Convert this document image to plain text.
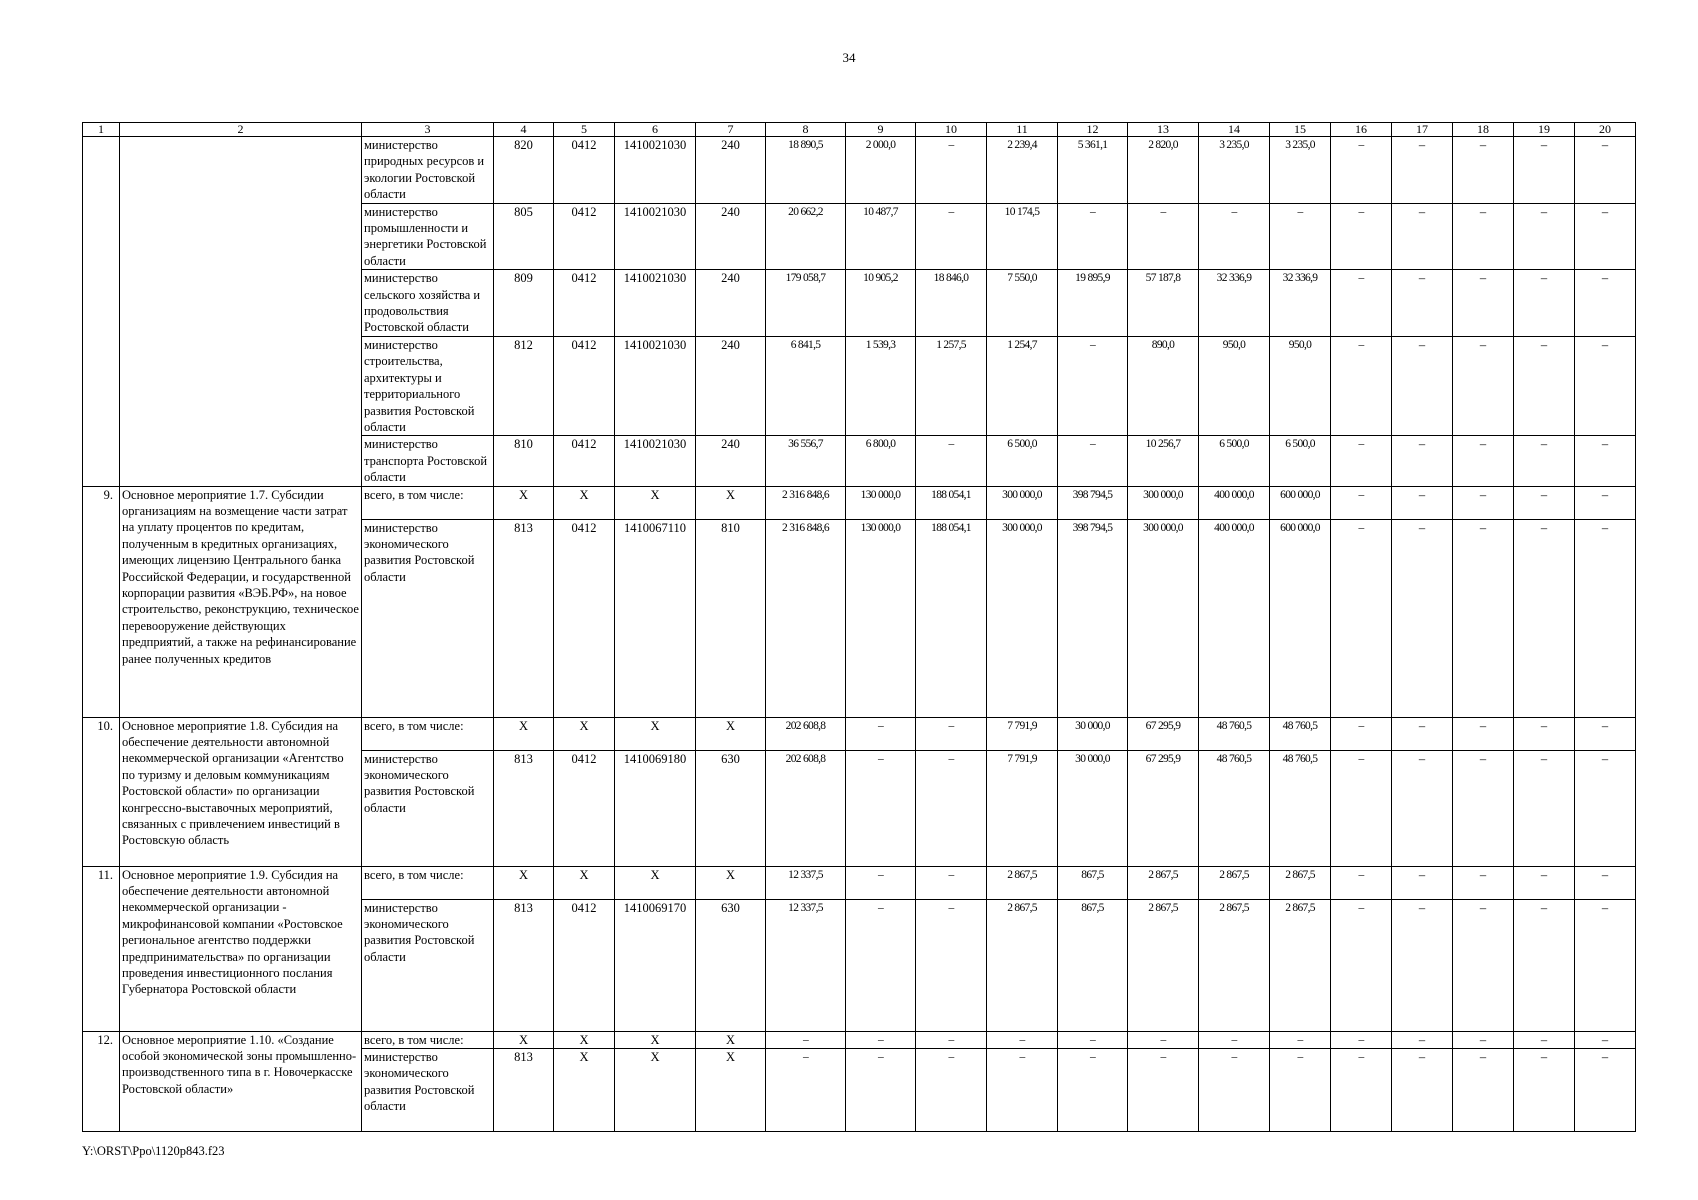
34
1	2	3	4	5	6	7	8	9	10	11	12	13	14	15	16	17	18	19	20
		министерство природных ресурсов и экологии Ростовской области	820	0412	1410021030	240	18 890,5	2 000,0	–	2 239,4	5 361,1	2 820,0	3 235,0	3 235,0	–	–	–	–	–
		министерство промышленности и энергетики Ростовской области	805	0412	1410021030	240	20 662,2	10 487,7	–	10 174,5	–	–	–	–	–	–	–	–	–
		министерство сельского хозяйства и продовольствия Ростовской области	809	0412	1410021030	240	179 058,7	10 905,2	18 846,0	7 550,0	19 895,9	57 187,8	32 336,9	32 336,9	–	–	–	–	–
		министерство строительства, архитектуры и территориального развития Ростовской области	812	0412	1410021030	240	6 841,5	1 539,3	1 257,5	1 254,7	–	890,0	950,0	950,0	–	–	–	–	–
		министерство транспорта Ростовской области	810	0412	1410021030	240	36 556,7	6 800,0	–	6 500,0	–	10 256,7	6 500,0	6 500,0	–	–	–	–	–
9.	Основное мероприятие 1.7. Субсидии организациям на возмещение части затрат на уплату процентов по кредитам, полученным в кредитных организациях, имеющих лицензию Центрального банка Российской Федерации, и государственной корпорации развития «ВЭБ.РФ», на новое строительство, реконструкцию, техническое перевооружение действующих предприятий, а также на рефинансирование ранее полученных кредитов	всего, в том числе:	X	X	X	X	2 316 848,6	130 000,0	188 054,1	300 000,0	398 794,5	300 000,0	400 000,0	600 000,0	–	–	–	–	–
		министерство экономического развития Ростовской области	813	0412	1410067110	810	2 316 848,6	130 000,0	188 054,1	300 000,0	398 794,5	300 000,0	400 000,0	600 000,0	–	–	–	–	–
10.	Основное мероприятие 1.8. Субсидия на обеспечение деятельности автономной некоммерческой организации «Агентство по туризму и деловым коммуникациям Ростовской области» по организации конгрессно-выставочных мероприятий, связанных с привлечением инвестиций в Ростовскую область	всего, в том числе:	X	X	X	X	202 608,8	–	–	7 791,9	30 000,0	67 295,9	48 760,5	48 760,5	–	–	–	–	–
		министерство экономического развития Ростовской области	813	0412	1410069180	630	202 608,8	–	–	7 791,9	30 000,0	67 295,9	48 760,5	48 760,5	–	–	–	–	–
11.	Основное мероприятие 1.9. Субсидия на обеспечение деятельности автономной некоммерческой организации - микрофинансовой компании «Ростовское региональное агентство поддержки предпринимательства» по организации проведения инвестиционного послания Губернатора Ростовской области	всего, в том числе:	X	X	X	X	12 337,5	–	–	2 867,5	867,5	2 867,5	2 867,5	2 867,5	–	–	–	–	–
		министерство экономического развития Ростовской области	813	0412	1410069170	630	12 337,5	–	–	2 867,5	867,5	2 867,5	2 867,5	2 867,5	–	–	–	–	–
12.	Основное мероприятие 1.10. «Создание особой экономической зоны промышленно-производственного типа в г. Новочеркасске Ростовской области»	всего, в том числе:	X	X	X	X	–	–	–	–	–	–	–	–	–	–	–	–	–
		министерство экономического развития Ростовской области	813	X	X	X	–	–	–	–	–	–	–	–	–	–	–	–	–
Y:\ORST\Ppo\1120p843.f23
